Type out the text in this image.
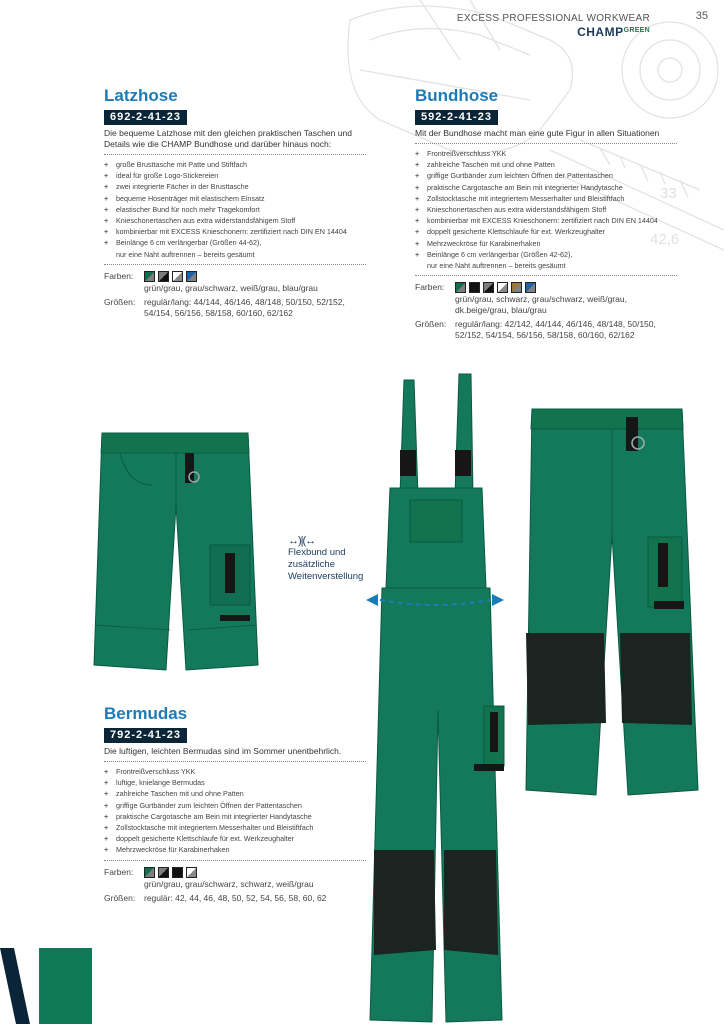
33
42,6
EXCESS PROFESSIONAL WORKWEAR
$CHAMP^{GREEN}$
35
Latzhose
692-2-41-23
Die bequeme Latzhose mit den gleichen praktischen Taschen und Details wie die CHAMP Bundhose und darüber hinaus noch:
+ große Brusttasche mit Patte und Stiftfach
+ ideal für große Logo-Stickereien
+ zwei integrierte Fächer in der Brusttasche
+ bequeme Hosenträger mit elastischem Einsatz
+ elastischer Bund für noch mehr Tragekomfort
+ Knieschonertaschen aus extra widerstandsfähigem Stoff
+ kombinierbar mit EXCESS Knieschonern: zertifiziert nach DIN EN 14404
+ Beinlänge 6 cm verlängerbar (Größen 44-62),
nur eine Naht auftrennen – bereits gesäumt
Farben:
grün/grau, grau/schwarz, weiß/grau, blau/grau
Größen: regulär/lang: 44/144, 46/146, 48/148, 50/150, 52/152,
54/154, 56/156, 58/158, 60/160, 62/162
Bundhose
592-2-41-23
Mit der Bundhose macht man eine gute Figur in allen Situationen
+ Frontreißverschluss YKK
+ zahlreiche Taschen mit und ohne Patten
+ griffige Gurtbänder zum leichten Öffnen der Pattentaschen
+ praktische Cargotasche am Bein mit integrierter Handytasche
+ Zollstocktasche mit integriertem Messerhalter und Bleistiftfach
+ Knieschonertaschen aus extra widerstandsfähigem Stoff
+ kombinierbar mit EXCESS Knieschonern: zertifiziert nach DIN EN 14404
+ doppelt gesicherte Klettschlaufe für ext. Werkzeughalter
+ Mehrzweckröse für Karabinerhaken
+ Beinlänge 6 cm verlängerbar (Größen 42-62),
nur eine Naht auftrennen – bereits gesäumt
Farben:
grün/grau, schwarz, grau/schwarz, weiß/grau,
dk.beige/grau, blau/grau
Größen: regulär/lang: 42/142, 44/144, 46/146, 48/148, 50/150,
52/152, 54/154, 56/156, 58/158, 60/160, 62/162
↔)|(↔
Flexbund und
zusätzliche
Weitenverstellung
Bermudas
792-2-41-23
Die luftigen, leichten Bermudas sind im Sommer unentbehrlich.
+ Frontreißverschluss YKK
+ luftige, knielange Bermudas
+ zahlreiche Taschen mit und ohne Patten
+ griffige Gurtbänder zum leichten Öffnen der Pattentaschen
+ praktische Cargotasche am Bein mit integrierter Handytasche
+ Zollstocktasche mit integriertem Messerhalter und Bleistiftfach
+ doppelt gesicherte Klettschlaufe für ext. Werkzeughalter
+ Mehrzweckröse für Karabinerhaken
Farben:
grün/grau, grau/schwarz, schwarz, weiß/grau
Größen: regulär: 42, 44, 46, 48, 50, 52, 54, 56, 58, 60, 62
